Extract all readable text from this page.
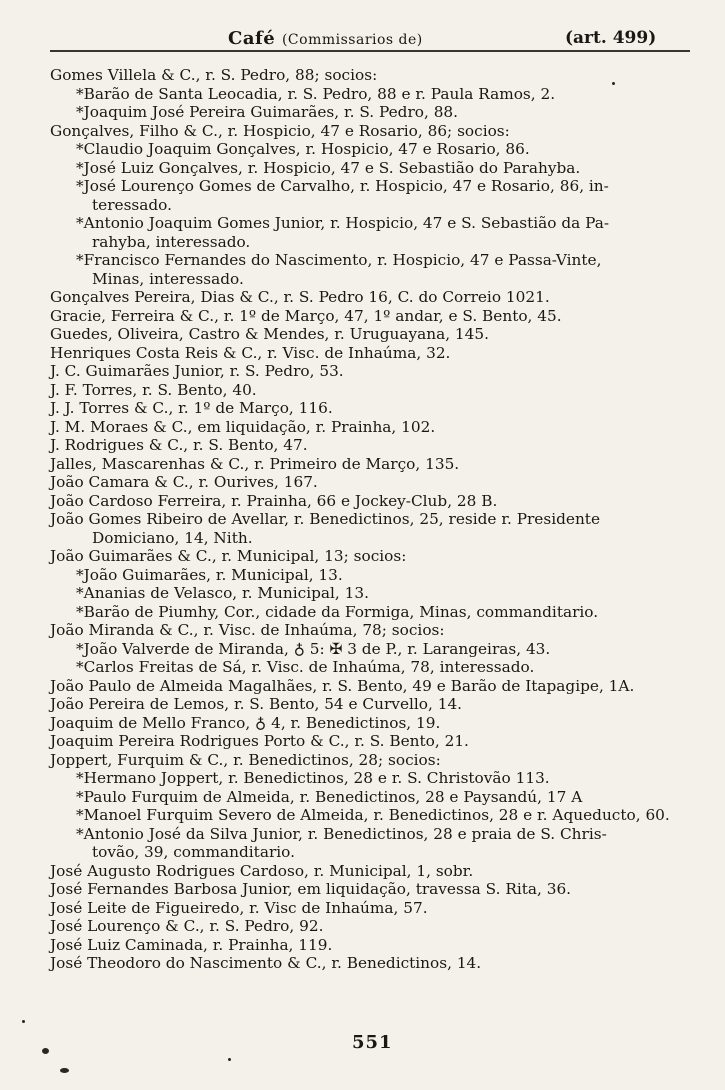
Café (Commissarios de)	(art. 499)
Gomes Villela & C., r. S. Pedro, 88; socios:
*Barão de Santa Leocadia, r. S. Pedro, 88 e r. Paula Ramos, 2.
*Joaquim José Pereira Guimarães, r. S. Pedro, 88.
Gonçalves, Filho & C., r. Hospicio, 47 e Rosario, 86; socios:
*Claudio Joaquim Gonçalves, r. Hospicio, 47 e Rosario, 86.
*José Luiz Gonçalves, r. Hospicio, 47 e S. Sebastião do Parahyba.
*José Lourenço Gomes de Carvalho, r. Hospicio, 47 e Rosario, 86, in-
teressado.
*Antonio Joaquim Gomes Junior, r. Hospicio, 47 e S. Sebastião da Pa-
rahyba, interessado.
*Francisco Fernandes do Nascimento, r. Hospicio, 47 e Passa-Vinte,
Minas, interessado.
Gonçalves Pereira, Dias & C., r. S. Pedro 16, C. do Correio 1021.
Gracie, Ferreira & C., r. 1º de Março, 47, 1º andar, e S. Bento, 45.
Guedes, Oliveira, Castro & Mendes, r. Uruguayana, 145.
Henriques Costa Reis & C., r. Visc. de Inhaúma, 32.
J. C. Guimarães Junior, r. S. Pedro, 53.
J. F. Torres, r. S. Bento, 40.
J. J. Torres & C., r. 1º de Março, 116.
J. M. Moraes & C., em liquidação, r. Prainha, 102.
J. Rodrigues & C., r. S. Bento, 47.
Jalles, Mascarenhas & C., r. Primeiro de Março, 135.
João Camara & C., r. Ourives, 167.
João Cardoso Ferreira, r. Prainha, 66 e Jockey-Club, 28 B.
João Gomes Ribeiro de Avellar, r. Benedictinos, 25, reside r. Presidente
Domiciano, 14, Nith.
João Guimarães & C., r. Municipal, 13; socios:
*João Guimarães, r. Municipal, 13.
*Ananias de Velasco, r. Municipal, 13.
*Barão de Piumhy, Cor., cidade da Formiga, Minas, commanditario.
João Miranda & C., r. Visc. de Inhaúma, 78; socios:
*João Valverde de Miranda, ♁ 5: ✠ 3 de P., r. Larangeiras, 43.
*Carlos Freitas de Sá, r. Visc. de Inhaúma, 78, interessado.
João Paulo de Almeida Magalhães, r. S. Bento, 49 e Barão de Itapagipe, 1A.
João Pereira de Lemos, r. S. Bento, 54 e Curvello, 14.
Joaquim de Mello Franco, ♁ 4, r. Benedictinos, 19.
Joaquim Pereira Rodrigues Porto & C., r. S. Bento, 21.
Joppert, Furquim & C., r. Benedictinos, 28; socios:
*Hermano Joppert, r. Benedictinos, 28 e r. S. Christovão 113.
*Paulo Furquim de Almeida, r. Benedictinos, 28 e Paysandú, 17 A
*Manoel Furquim Severo de Almeida, r. Benedictinos, 28 e r. Aqueducto, 60.
*Antonio José da Silva Junior, r. Benedictinos, 28 e praia de S. Chris-
tovão, 39, commanditario.
José Augusto Rodrigues Cardoso, r. Municipal, 1, sobr.
José Fernandes Barbosa Junior, em liquidação, travessa S. Rita, 36.
José Leite de Figueiredo, r. Visc de Inhaúma, 57.
José Lourenço & C., r. S. Pedro, 92.
José Luiz Caminada, r. Prainha, 119.
José Theodoro do Nascimento & C., r. Benedictinos, 14.
551
